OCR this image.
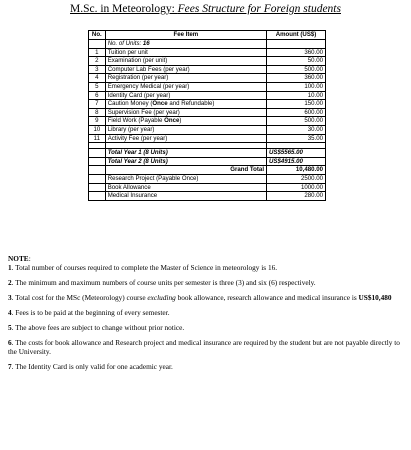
M.Sc. in Meteorology: Fees Structure for Foreign students
No.	Fee Item	Amount (US$)
	No. of Units: 16	
1	Tuition per unit	360.00
2	Examination (per unit)	50.00
3	Computer Lab Fees (per year)	500.00
4	Registration (per year)	360.00
5	Emergency Medical (per year)	100.00
6	Identity Card (per year)	10.00
7	Caution Money (Once and Refundable)	150.00
8	Supervision Fee (per year)	600.00
9	Field Work (Payable Once)	500.00
10	Library (per year)	30.00
11	Activity Fee (per year)	35.00

	Total Year 1 (8 Units)	US$5565.00
	Total Year 2 (8 Units)	US$4915.00
	Grand Total	10,480.00
	Research Project (Payable Once)	2500.00
	Book Allowance	1000.00
	Medical Insurance	280.00
NOTE:

1. Total number of courses required to complete the Master of Science in meteorology is 16.

2. The minimum and maximum numbers of course units per semester is three (3) and six (6) respectively.

3. Total cost for the MSc (Meteorology) course excluding book allowance, research allowance and medical insurance is US$10,480

4. Fees is to be paid at the beginning of every semester.

5. The above fees are subject to change without prior notice.

6. The costs for book allowance and Research project and medical insurance are required by the student but are not payable directly to the University.

7. The Identity Card is only valid for one academic year.
